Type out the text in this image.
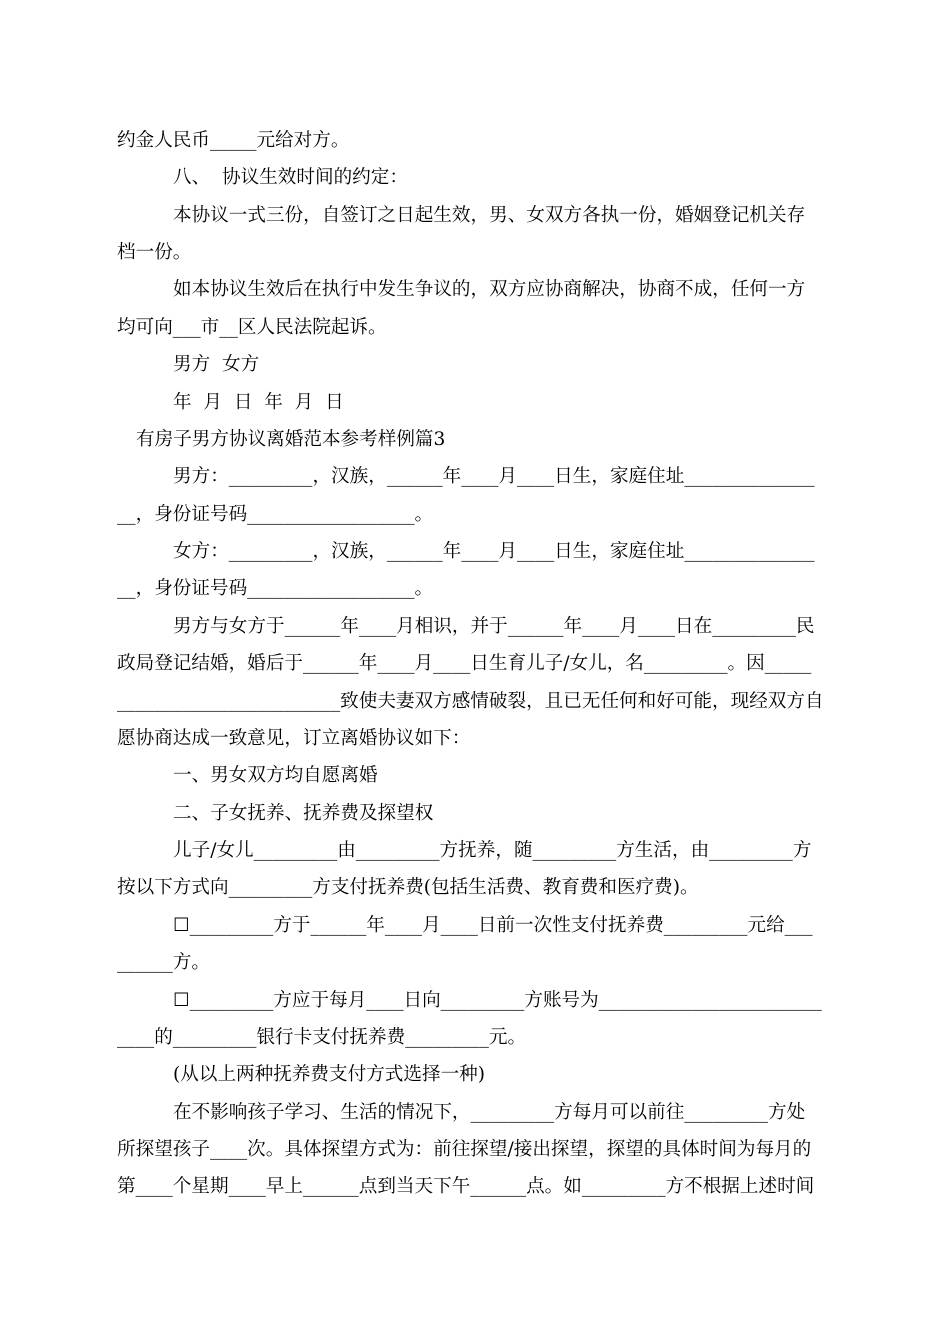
约金人民币_____元给对方。
八、  协议生效时间的约定：
本协议一式三份，自签订之日起生效，男、女双方各执一份，婚姻登记机关存
档一份。
如本协议生效后在执行中发生争议的，双方应协商解决，协商不成，任何一方
均可向___市__区人民法院起诉。
男方  女方
年  月  日  年  月  日
有房子男方协议离婚范本参考样例篇3
男方：_________，汉族，______年____月____日生，家庭住址______________
__，身份证号码__________________。
女方：_________，汉族，______年____月____日生，家庭住址______________
__，身份证号码__________________。
男方与女方于______年____月相识，并于______年____月____日在_________民
政局登记结婚，婚后于______年____月____日生育儿子/女儿，名_________。因_____
________________________致使夫妻双方感情破裂，且已无任何和好可能，现经双方自
愿协商达成一致意见，订立离婚协议如下：
一、男女双方均自愿离婚
二、子女抚养、抚养费及探望权
儿子/女儿_________由_________方抚养，随_________方生活，由_________方
按以下方式向_________方支付抚养费(包括生活费、教育费和医疗费)。
☐_________方于______年____月____日前一次性支付抚养费_________元给___
______方。
☐_________方应于每月____日向_________方账号为________________________
____的_________银行卡支付抚养费_________元。
(从以上两种抚养费支付方式选择一种)
在不影响孩子学习、生活的情况下，_________方每月可以前往_________方处
所探望孩子____次。具体探望方式为：前往探望/接出探望，探望的具体时间为每月的
第____个星期____早上______点到当天下午______点。如_________方不根据上述时间
